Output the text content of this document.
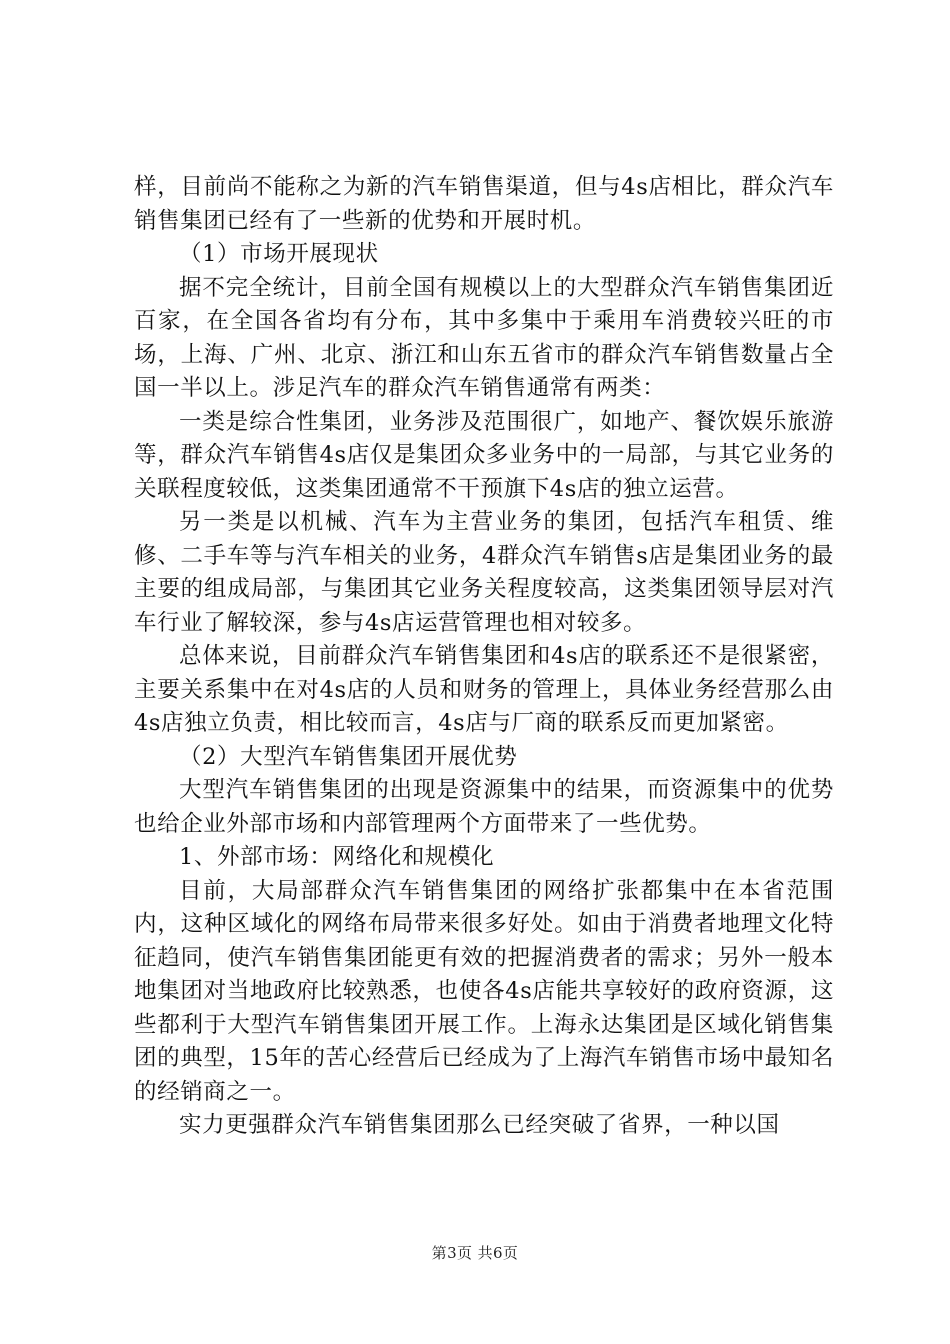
样，目前尚不能称之为新的汽车销售渠道，但与4s店相比，群众汽车销售集团已经有了一些新的优势和开展时机。

（1）市场开展现状

据不完全统计，目前全国有规模以上的大型群众汽车销售集团近百家，在全国各省均有分布，其中多集中于乘用车消费较兴旺的市场，上海、广州、北京、浙江和山东五省市的群众汽车销售数量占全国一半以上。涉足汽车的群众汽车销售通常有两类：

一类是综合性集团，业务涉及范围很广，如地产、餐饮娱乐旅游等，群众汽车销售4s店仅是集团众多业务中的一局部，与其它业务的关联程度较低，这类集团通常不干预旗下4s店的独立运营。

另一类是以机械、汽车为主营业务的集团，包括汽车租赁、维修、二手车等与汽车相关的业务，4群众汽车销售s店是集团业务的最主要的组成局部，与集团其它业务关程度较高，这类集团领导层对汽车行业了解较深，参与4s店运营管理也相对较多。

总体来说，目前群众汽车销售集团和4s店的联系还不是很紧密，主要关系集中在对4s店的人员和财务的管理上，具体业务经营那么由4s店独立负责，相比较而言，4s店与厂商的联系反而更加紧密。

（2）大型汽车销售集团开展优势

大型汽车销售集团的出现是资源集中的结果，而资源集中的优势也给企业外部市场和内部管理两个方面带来了一些优势。

1、外部市场：网络化和规模化

目前，大局部群众汽车销售集团的网络扩张都集中在本省范围内，这种区域化的网络布局带来很多好处。如由于消费者地理文化特征趋同，使汽车销售集团能更有效的把握消费者的需求；另外一般本地集团对当地政府比较熟悉，也使各4s店能共享较好的政府资源，这些都利于大型汽车销售集团开展工作。上海永达集团是区域化销售集团的典型，15年的苦心经营后已经成为了上海汽车销售市场中最知名的经销商之一。

实力更强群众汽车销售集团那么已经突破了省界，一种以国

第3页 共6页
